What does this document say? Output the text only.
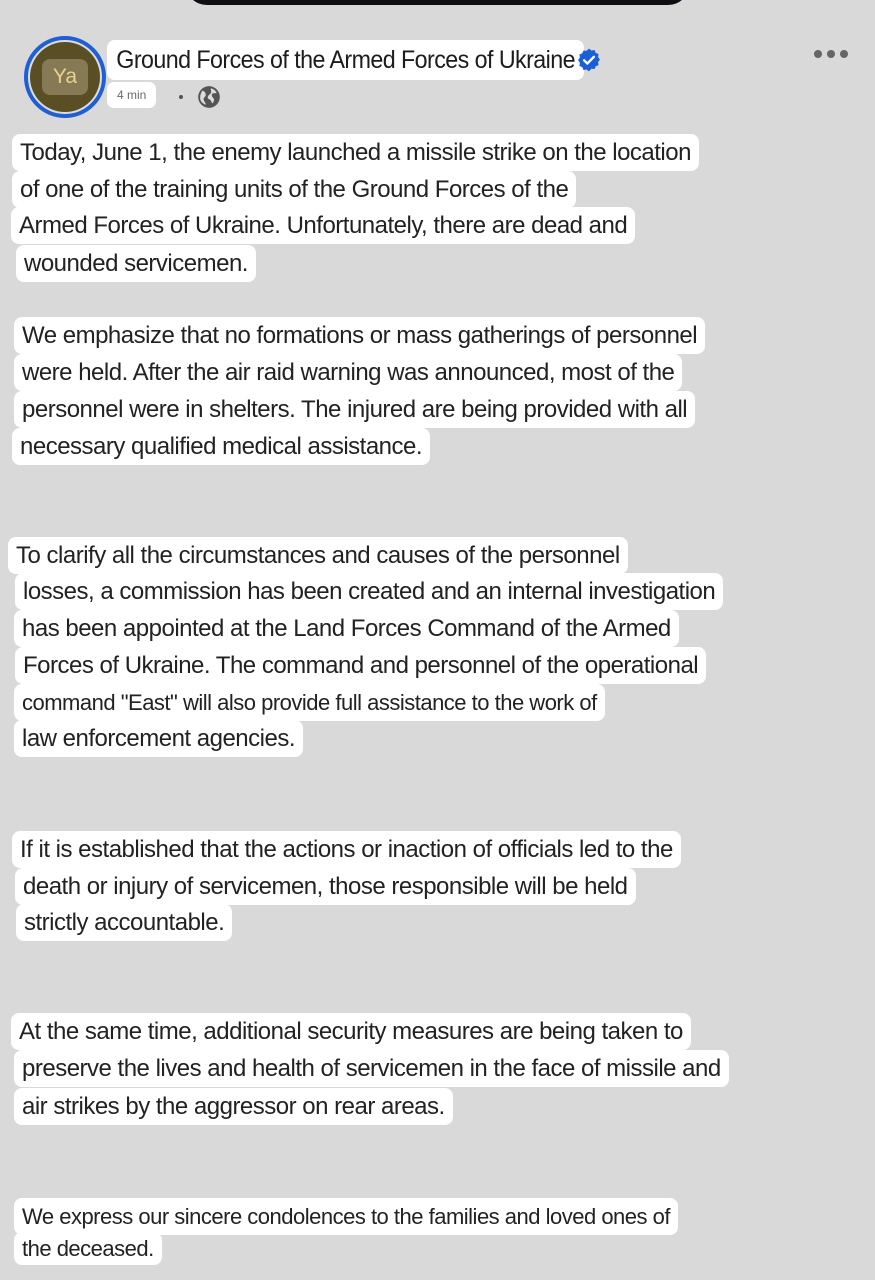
Ya
Ground Forces of the Armed Forces of Ukraine
4 min
Today, June 1, the enemy launched a missile strike on the location
of one of the training units of the Ground Forces of the
Armed Forces of Ukraine. Unfortunately, there are dead and
wounded servicemen.
We emphasize that no formations or mass gatherings of personnel
were held. After the air raid warning was announced, most of the
personnel were in shelters. The injured are being provided with all
necessary qualified medical assistance.
To clarify all the circumstances and causes of the personnel
losses, a commission has been created and an internal investigation
has been appointed at the Land Forces Command of the Armed
Forces of Ukraine. The command and personnel of the operational
command "East" will also provide full assistance to the work of
law enforcement agencies.
If it is established that the actions or inaction of officials led to the
death or injury of servicemen, those responsible will be held
strictly accountable.
At the same time, additional security measures are being taken to
preserve the lives and health of servicemen in the face of missile and
air strikes by the aggressor on rear areas.
We express our sincere condolences to the families and loved ones of
the deceased.
